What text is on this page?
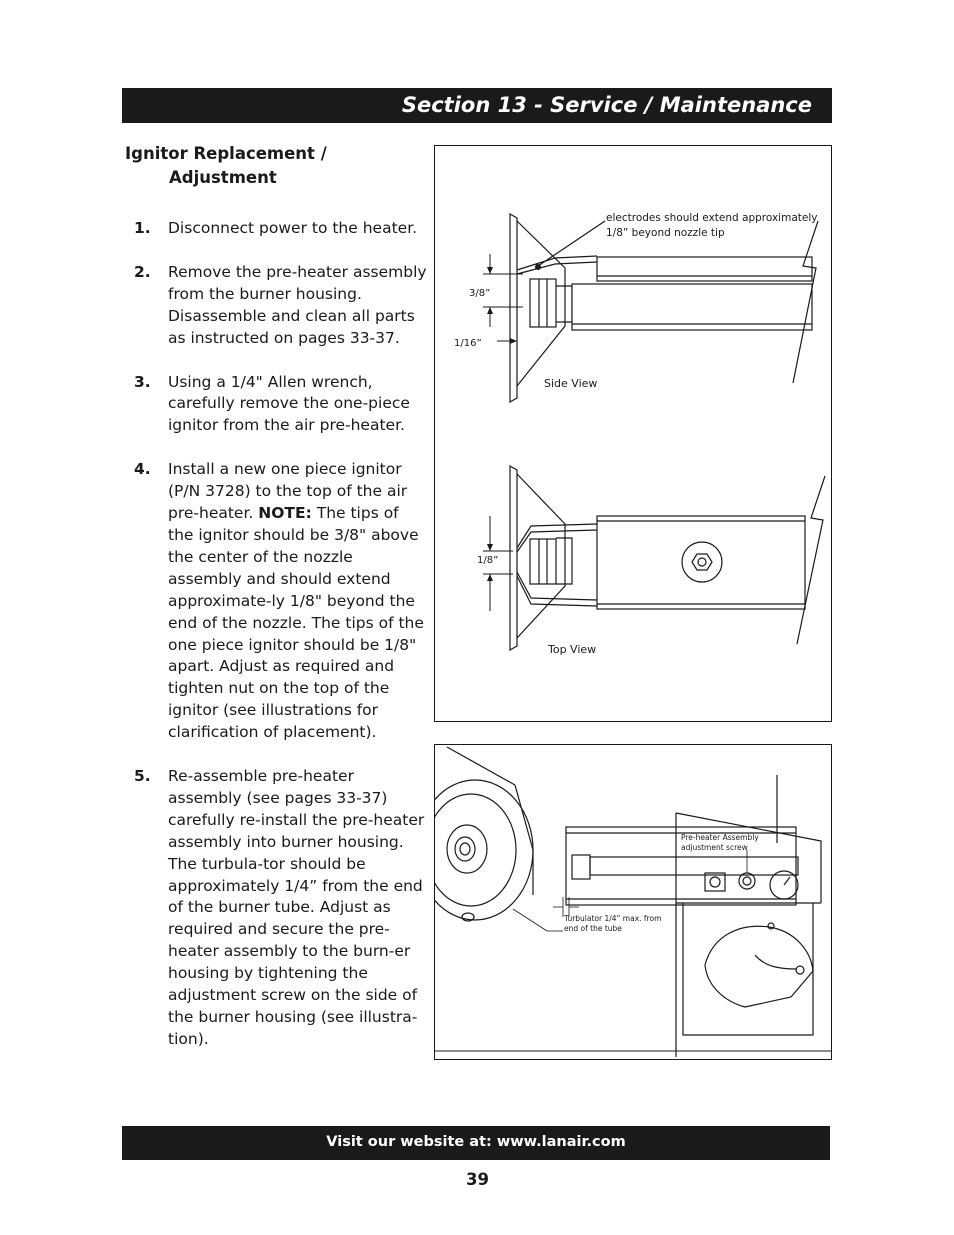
Section 13 - Service / Maintenance
Ignitor Replacement /
Adjustment
1.	Disconnect power to the heater.
2.	Remove the pre-heater assembly from the burner housing. Disassemble and clean all parts as instructed on pages 33-37.
3.	Using a 1/4" Allen wrench, carefully remove the one-piece ignitor from the air pre-heater.
4.	Install a new one piece ignitor (P/N 3728) to the top of the air pre-heater. NOTE: The tips of the ignitor should be 3/8" above the center of the nozzle assembly and should extend approximate-ly 1/8" beyond the end of the nozzle. The tips of the one piece ignitor should be 1/8" apart. Adjust as required and tighten nut on the top of the ignitor (see illustrations for clarification of placement).
5.	Re-assemble pre-heater assembly (see pages 33-37) carefully re-install the pre-heater assembly into burner housing. The turbula-tor should be approximately 1/4” from the end of the burner tube. Adjust as required and secure the pre-heater assembly to the burn-er housing by tightening the adjustment screw on the side of the burner housing (see illustra-tion).
electrodes should extend approximately
1/8” beyond nozzle tip
3/8”
1/16”
Side View
1/8”
Top View
Pre-heater Assembly
adjustment screw
Turbulator 1/4” max. from
end of the tube
Visit our website at: www.lanair.com
39
